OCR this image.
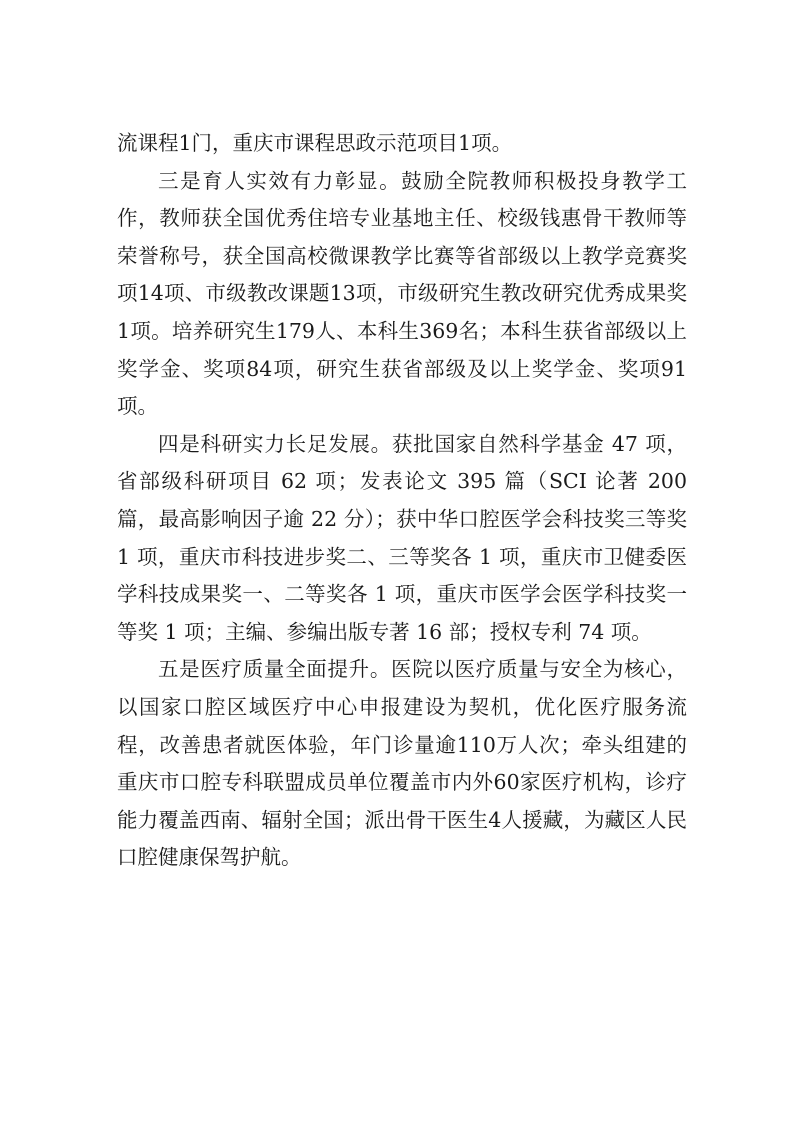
流课程1门，重庆市课程思政示范项目1项。

三是育人实效有力彰显。鼓励全院教师积极投身教学工作，教师获全国优秀住培专业基地主任、校级钱惠骨干教师等荣誉称号，获全国高校微课教学比赛等省部级以上教学竞赛奖项14项、市级教改课题13项，市级研究生教改研究优秀成果奖1项。培养研究生179人、本科生369名；本科生获省部级以上奖学金、奖项84项，研究生获省部级及以上奖学金、奖项91项。

四是科研实力长足发展。获批国家自然科学基金 47 项，省部级科研项目 62 项；发表论文 395 篇（SCI 论著 200 篇，最高影响因子逾 22 分）；获中华口腔医学会科技奖三等奖 1 项，重庆市科技进步奖二、三等奖各 1 项，重庆市卫健委医学科技成果奖一、二等奖各 1 项，重庆市医学会医学科技奖一等奖 1 项；主编、参编出版专著 16 部；授权专利 74 项。

五是医疗质量全面提升。医院以医疗质量与安全为核心，以国家口腔区域医疗中心申报建设为契机，优化医疗服务流程，改善患者就医体验，年门诊量逾110万人次；牵头组建的重庆市口腔专科联盟成员单位覆盖市内外60家医疗机构，诊疗能力覆盖西南、辐射全国；派出骨干医生4人援藏，为藏区人民口腔健康保驾护航。
